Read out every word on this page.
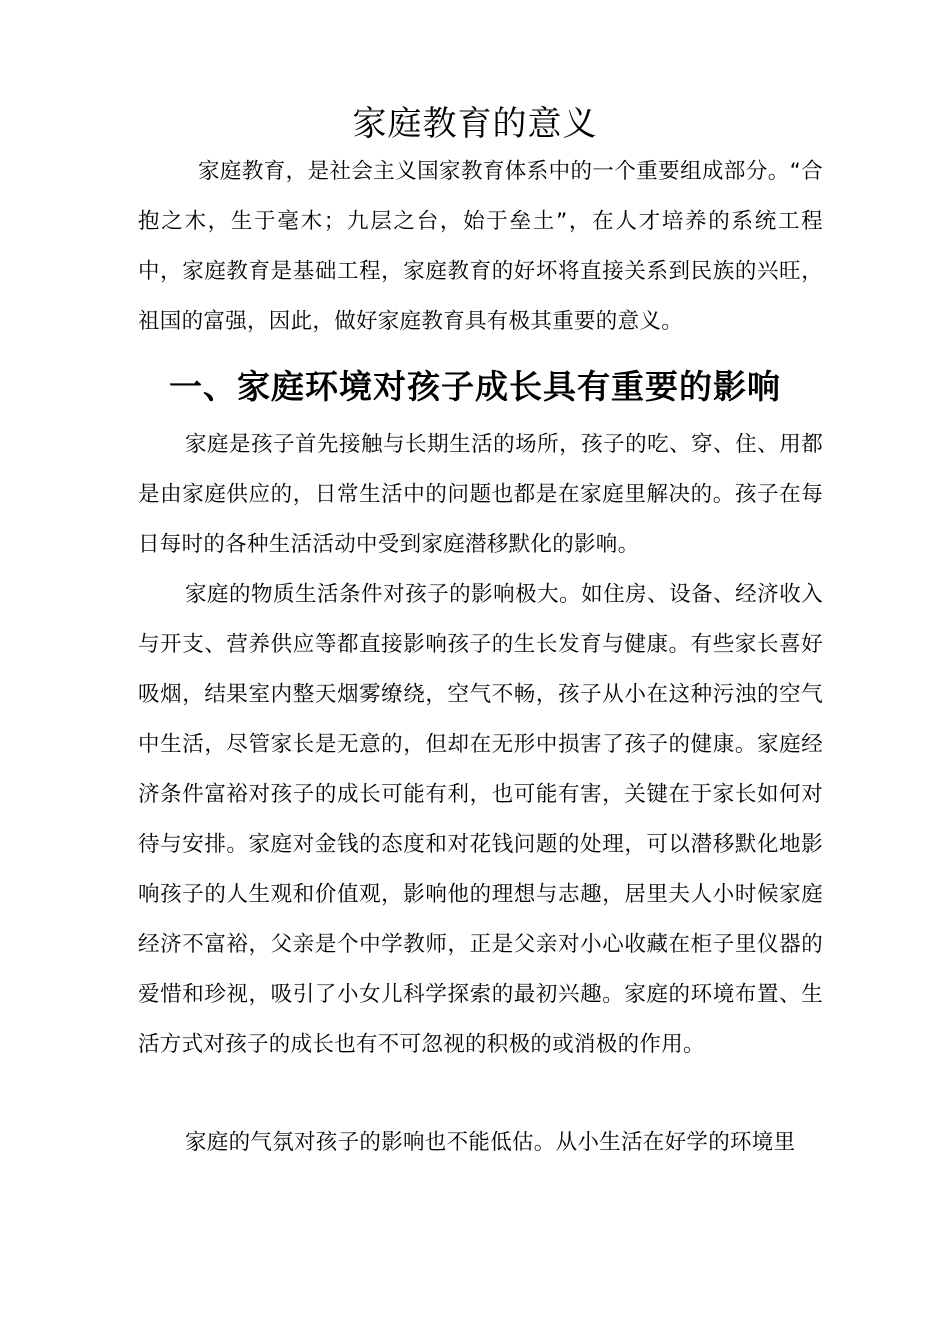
家庭教育的意义

家庭教育，是社会主义国家教育体系中的一个重要组成部分。“合抱之木，生于毫木；九层之台，始于垒土”，在人才培养的系统工程中，家庭教育是基础工程，家庭教育的好坏将直接关系到民族的兴旺，祖国的富强，因此，做好家庭教育具有极其重要的意义。

一、家庭环境对孩子成长具有重要的影响

家庭是孩子首先接触与长期生活的场所，孩子的吃、穿、住、用都是由家庭供应的，日常生活中的问题也都是在家庭里解决的。孩子在每日每时的各种生活活动中受到家庭潜移默化的影响。

家庭的物质生活条件对孩子的影响极大。如住房、设备、经济收入与开支、营养供应等都直接影响孩子的生长发育与健康。有些家长喜好吸烟，结果室内整天烟雾缭绕，空气不畅，孩子从小在这种污浊的空气中生活，尽管家长是无意的，但却在无形中损害了孩子的健康。家庭经济条件富裕对孩子的成长可能有利，也可能有害，关键在于家长如何对待与安排。家庭对金钱的态度和对花钱问题的处理，可以潜移默化地影响孩子的人生观和价值观，影响他的理想与志趣，居里夫人小时候家庭经济不富裕，父亲是个中学教师，正是父亲对小心收藏在柜子里仪器的爱惜和珍视，吸引了小女儿科学探索的最初兴趣。家庭的环境布置、生活方式对孩子的成长也有不可忽视的积极的或消极的作用。

家庭的气氛对孩子的影响也不能低估。从小生活在好学的环境里
